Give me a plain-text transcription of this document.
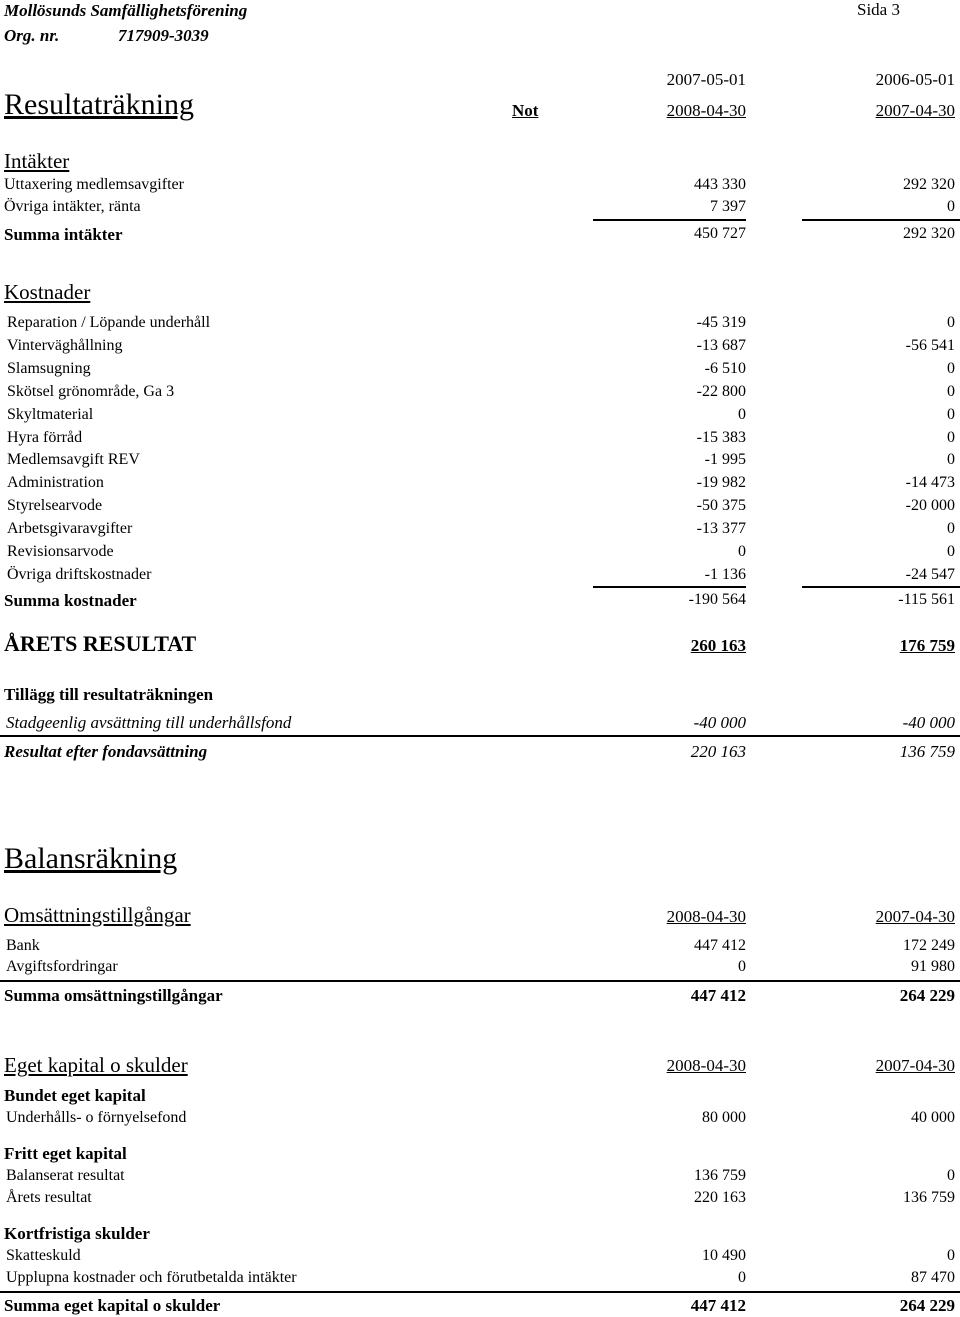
Mollösunds Samfällighetsförening
Org. nr.	717909-3039
Sida 3
2007-05-01	2006-05-01
Resultaträkning	Not	2008-04-30	2007-04-30
Intäkter
Uttaxering medlemsavgifter	443 330	292 320
Övriga intäkter, ränta	7 397	0
Summa intäkter	450 727	292 320
Kostnader
Reparation / Löpande underhåll	-45 319	0
Vinterväghållning	-13 687	-56 541
Slamsugning	-6 510	0
Skötsel grönområde, Ga 3	-22 800	0
Skyltmaterial	0	0
Hyra förråd	-15 383	0
Medlemsavgift REV	-1 995	0
Administration	-19 982	-14 473
Styrelsearvode	-50 375	-20 000
Arbetsgivaravgifter	-13 377	0
Revisionsarvode	0	0
Övriga driftskostnader	-1 136	-24 547
Summa kostnader	-190 564	-115 561
ÅRETS RESULTAT	260 163	176 759
Tillägg till resultaträkningen
Stadgeenlig avsättning till underhållsfond	-40 000	-40 000
Resultat efter fondavsättning	220 163	136 759
Balansräkning
Omsättningstillgångar	2008-04-30	2007-04-30
Bank	447 412	172 249
Avgiftsfordringar	0	91 980
Summa omsättningstillgångar	447 412	264 229
Eget kapital o skulder	2008-04-30	2007-04-30
Bundet eget kapital
Underhålls- o förnyelsefond	80 000	40 000
Fritt eget kapital
Balanserat resultat	136 759	0
Årets resultat	220 163	136 759
Kortfristiga skulder
Skatteskuld	10 490	0
Upplupna kostnader och förutbetalda intäkter	0	87 470
Summa eget kapital o skulder	447 412	264 229
